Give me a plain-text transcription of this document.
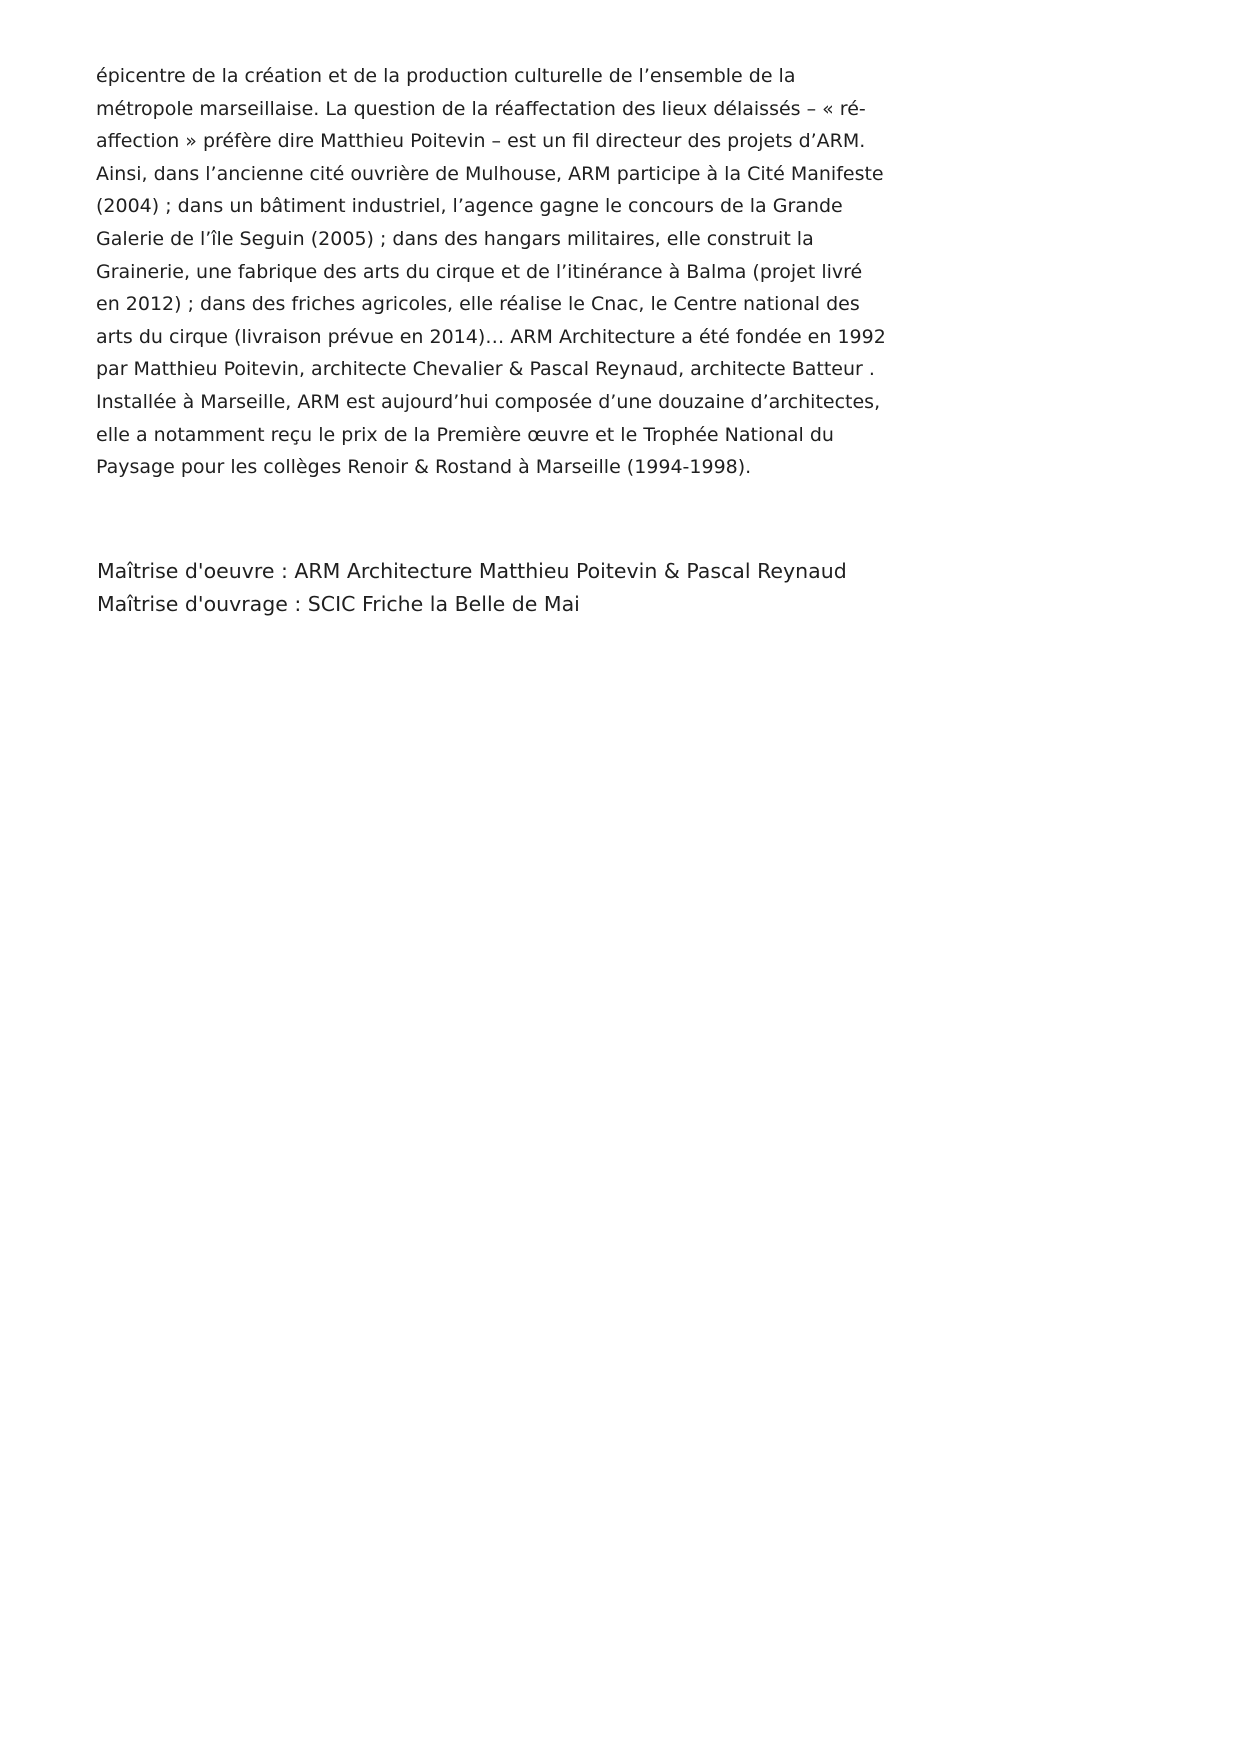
épicentre de la création et de la production culturelle de l’ensemble de la
métropole marseillaise. La question de la réaffectation des lieux délaissés – « ré-
affection » préfère dire Matthieu Poitevin – est un fil directeur des projets d’ARM.
Ainsi, dans l’ancienne cité ouvrière de Mulhouse, ARM participe à la Cité Manifeste
(2004) ; dans un bâtiment industriel, l’agence gagne le concours de la Grande
Galerie de l’île Seguin (2005) ; dans des hangars militaires, elle construit la
Grainerie, une fabrique des arts du cirque et de l’itinérance à Balma (projet livré
en 2012) ; dans des friches agricoles, elle réalise le Cnac, le Centre national des
arts du cirque (livraison prévue en 2014)… ARM Architecture a été fondée en 1992
par Matthieu Poitevin, architecte Chevalier & Pascal Reynaud, architecte Batteur .
Installée à Marseille, ARM est aujourd’hui composée d’une douzaine d’architectes,
elle a notamment reçu le prix de la Première œuvre et le Trophée National du
Paysage pour les collèges Renoir & Rostand à Marseille (1994-1998).

Maîtrise d'oeuvre : ARM Architecture Matthieu Poitevin & Pascal Reynaud
Maîtrise d'ouvrage : SCIC Friche la Belle de Mai
